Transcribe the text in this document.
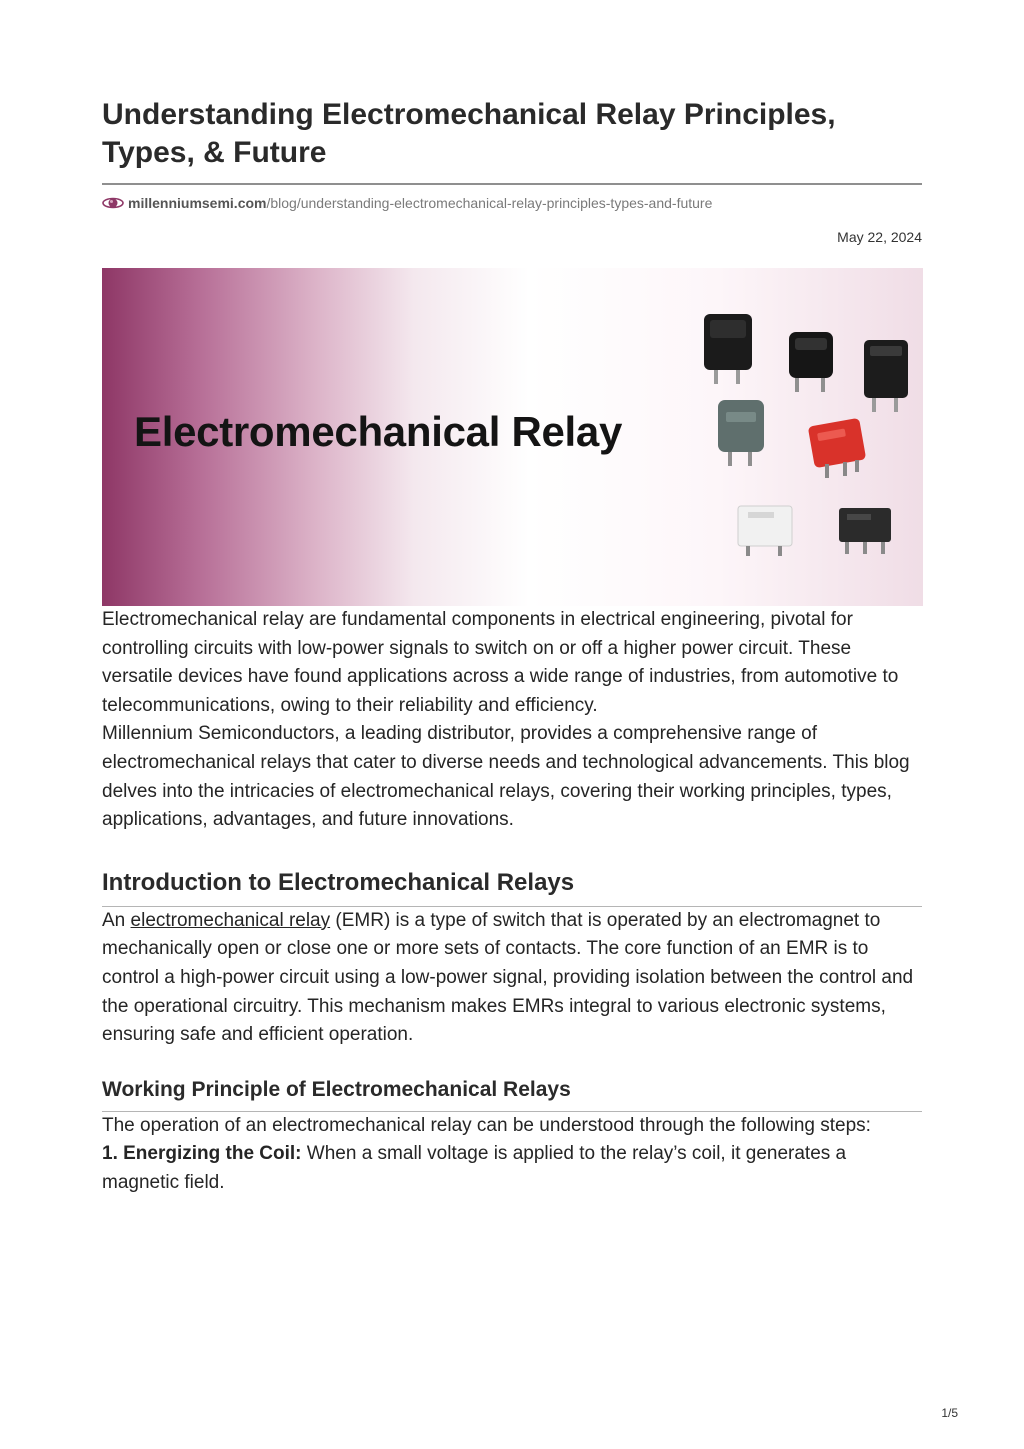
Understanding Electromechanical Relay Principles, Types, & Future
millenniumsemi.com /blog/understanding-electromechanical-relay-principles-types-and-future
May 22, 2024
Electromechanical Relay

Electromechanical relay are fundamental components in electrical engineering, pivotal for controlling circuits with low-power signals to switch on or off a higher power circuit. These versatile devices have found applications across a wide range of industries, from automotive to telecommunications, owing to their reliability and efficiency.

Millennium Semiconductors, a leading distributor, provides a comprehensive range of electromechanical relays that cater to diverse needs and technological advancements. This blog delves into the intricacies of electromechanical relays, covering their working principles, types, applications, advantages, and future innovations.

Introduction to Electromechanical Relays

An electromechanical relay (EMR) is a type of switch that is operated by an electromagnet to mechanically open or close one or more sets of contacts. The core function of an EMR is to control a high-power circuit using a low-power signal, providing isolation between the control and the operational circuitry. This mechanism makes EMRs integral to various electronic systems, ensuring safe and efficient operation.

Working Principle of Electromechanical Relays

The operation of an electromechanical relay can be understood through the following steps:

1. Energizing the Coil: When a small voltage is applied to the relay’s coil, it generates a magnetic field.

1/5
